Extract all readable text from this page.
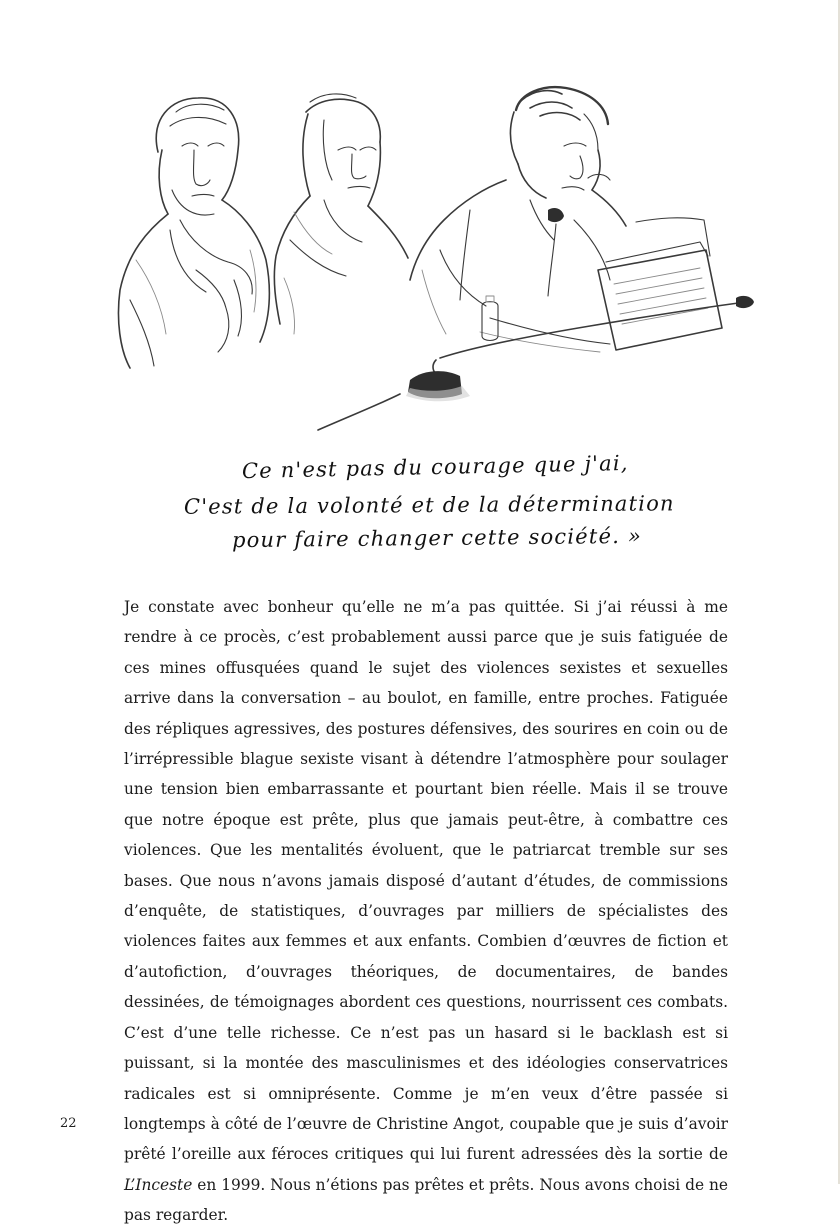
Ce n'est pas du courage que j'ai,
C'est de la volonté et de la détermination
pour faire changer cette société. »

Je constate avec bonheur qu’elle ne m’a pas quittée. Si j’ai réussi à me rendre à ce procès, c’est probablement aussi parce que je suis fatiguée de ces mines offusquées quand le sujet des violences sexistes et sexuelles arrive dans la conversation – au boulot, en famille, entre proches. Fatiguée des répliques agressives, des postures défensives, des sourires en coin ou de l’irrépressible blague sexiste visant à détendre l’atmosphère pour soulager une tension bien embarrassante et pourtant bien réelle. Mais il se trouve que notre époque est prête, plus que jamais peut-être, à combattre ces violences. Que les mentalités évoluent, que le patriarcat tremble sur ses bases. Que nous n’avons jamais disposé d’autant d’études, de commissions d’enquête, de statistiques, d’ouvrages par milliers de spécialistes des violences faites aux femmes et aux enfants. Combien d’œuvres de fiction et d’autofiction, d’ouvrages théoriques, de documentaires, de bandes dessinées, de témoignages abordent ces questions, nourrissent ces combats. C’est d’une telle richesse. Ce n’est pas un hasard si le backlash est si puissant, si la montée des masculinismes et des idéologies conservatrices radicales est si omniprésente. Comme je m’en veux d’être passée si longtemps à côté de l’œuvre de Christine Angot, coupable que je suis d’avoir prêté l’oreille aux féroces critiques qui lui furent adressées dès la sortie de L’Inceste en 1999. Nous n’étions pas prêtes et prêts. Nous avons choisi de ne pas regarder.

22
